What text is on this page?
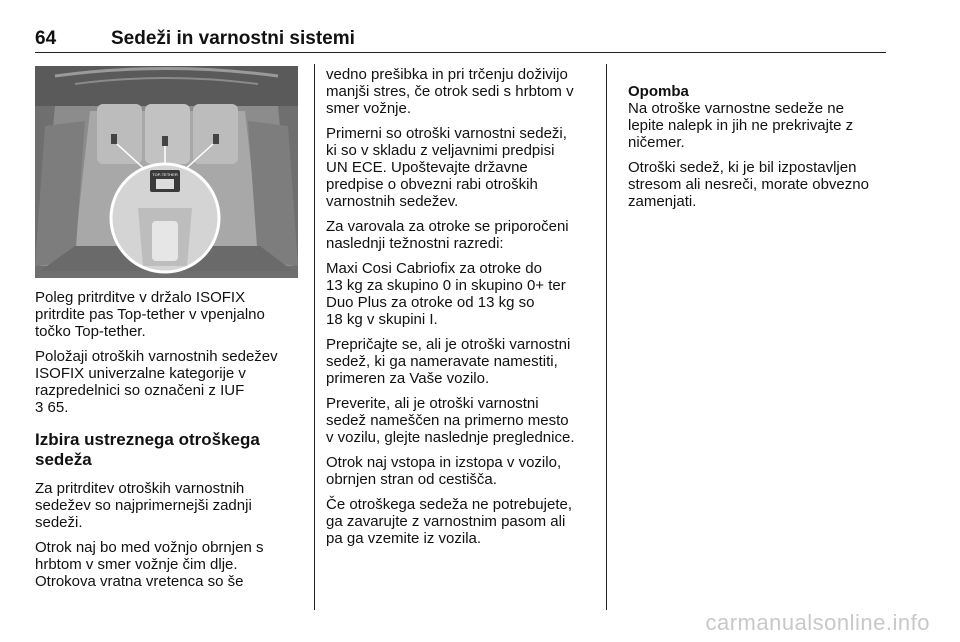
64	Sedeži in varnostni sistemi
TOP-TETHER

Poleg pritrditve v držalo ISOFIX
pritrdite pas Top-tether v vpenjalno
točko Top-tether.

Položaji otroških varnostnih sedežev
ISOFIX univerzalne kategorije v
razpredelnici so označeni z IUF
3 65.

Izbira ustreznega otroškega
sedeža

Za pritrditev otroških varnostnih
sedežev so najprimernejši zadnji
sedeži.

Otrok naj bo med vožnjo obrnjen s
hrbtom v smer vožnje čim dlje.
Otrokova vratna vretenca so še

vedno prešibka in pri trčenju doživijo
manjši stres, če otrok sedi s hrbtom v
smer vožnje.

Primerni so otroški varnostni sedeži,
ki so v skladu z veljavnimi predpisi
UN ECE. Upoštevajte državne
predpise o obvezni rabi otroških
varnostnih sedežev.

Za varovala za otroke se priporočeni
naslednji težnostni razredi:

Maxi Cosi Cabriofix za otroke do
13 kg za skupino 0 in skupino 0+ ter
Duo Plus za otroke od 13 kg so
18 kg v skupini I.

Prepričajte se, ali je otroški varnostni
sedež, ki ga nameravate namestiti,
primeren za Vaše vozilo.

Preverite, ali je otroški varnostni
sedež nameščen na primerno mesto
v vozilu, glejte naslednje preglednice.

Otrok naj vstopa in izstopa v vozilo,
obrnjen stran od cestišča.

Če otroškega sedeža ne potrebujete,
ga zavarujte z varnostnim pasom ali
pa ga vzemite iz vozila.

Opomba
Na otroške varnostne sedeže ne
lepite nalepk in jih ne prekrivajte z
ničemer.

Otroški sedež, ki je bil izpostavljen
stresom ali nesreči, morate obvezno
zamenjati.

carmanualsonline.info
